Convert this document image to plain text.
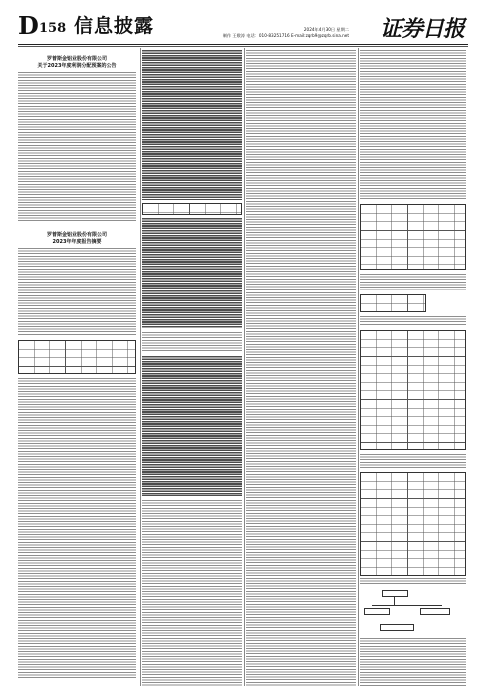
D 158 信息披露	2024年4月30日 星期二
制作 王敬涛 电话：010-83251716 E-mail:zqrb9@zqrb.sina.net 证券日报

罗普斯金铝业股份有限公司
关于2023年度利润分配预案的公告

罗普斯金铝业股份有限公司
2023年年度报告摘要
